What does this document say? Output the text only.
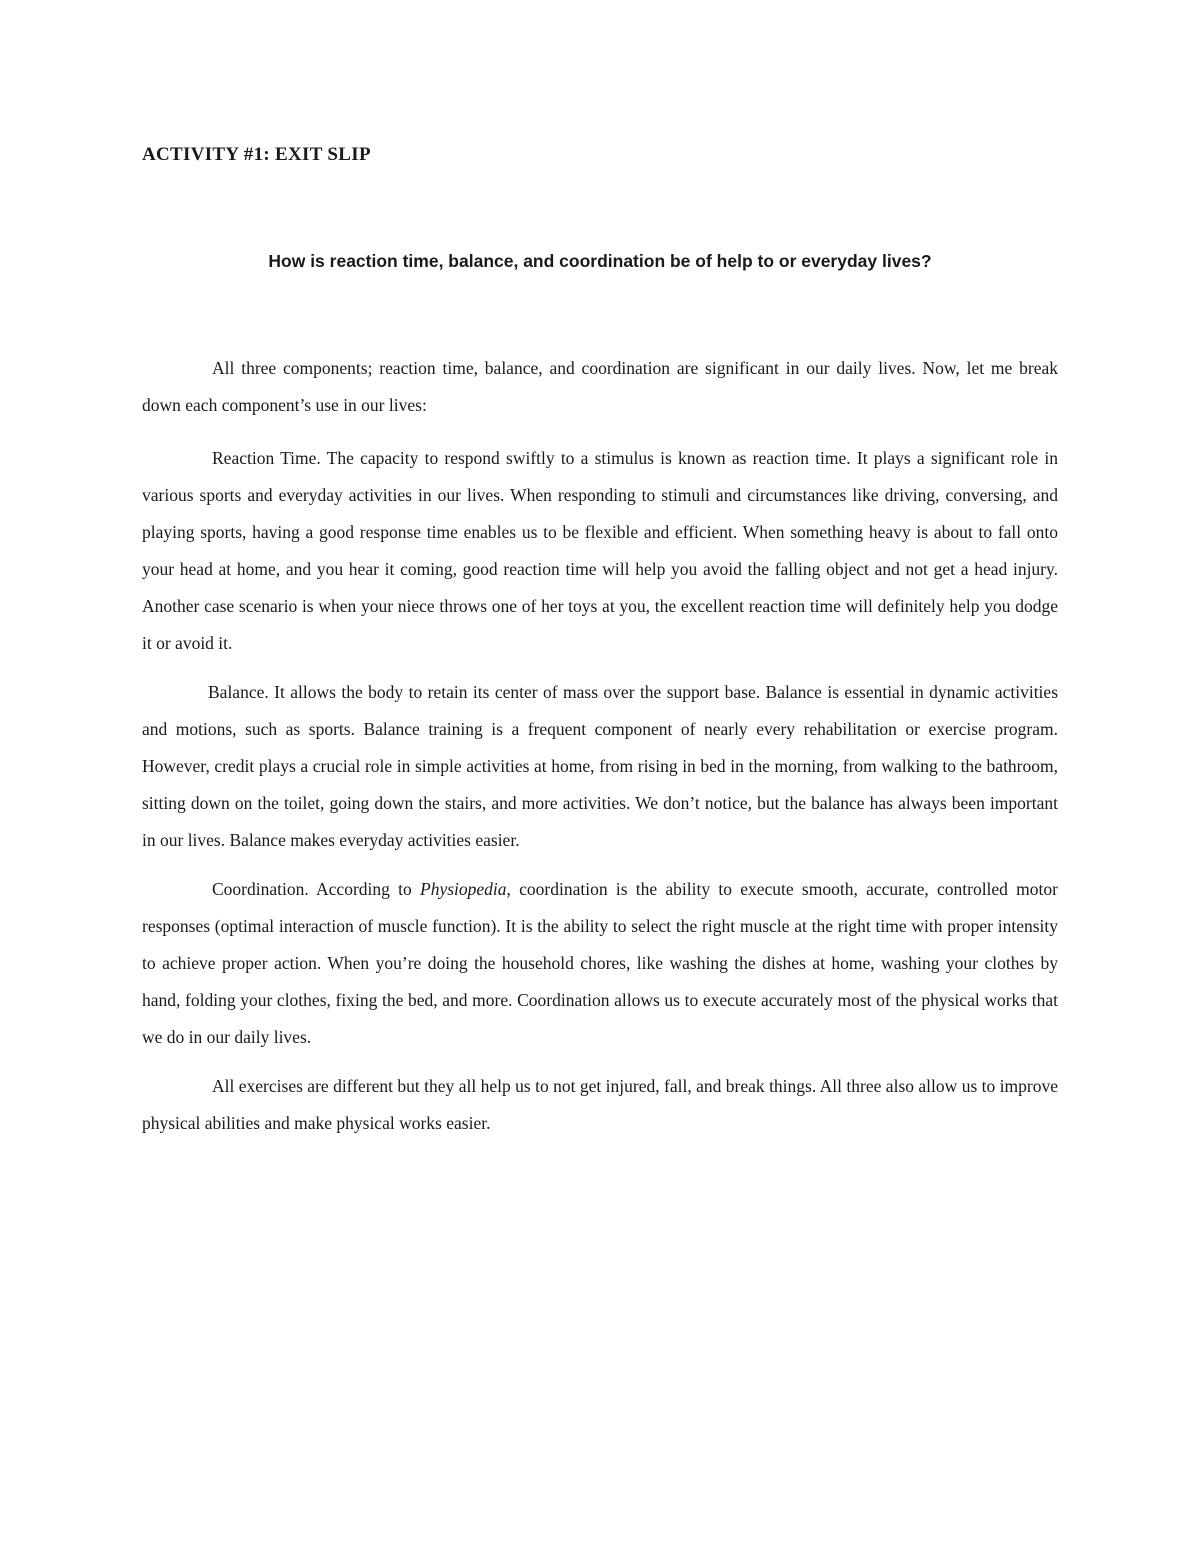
ACTIVITY #1: EXIT SLIP
How is reaction time, balance, and coordination be of help to or everyday lives?

All three components; reaction time, balance, and coordination are significant in our daily lives. Now, let me break down each component’s use in our lives:

Reaction Time. The capacity to respond swiftly to a stimulus is known as reaction time. It plays a significant role in various sports and everyday activities in our lives. When responding to stimuli and circumstances like driving, conversing, and playing sports, having a good response time enables us to be flexible and efficient. When something heavy is about to fall onto your head at home, and you hear it coming, good reaction time will help you avoid the falling object and not get a head injury. Another case scenario is when your niece throws one of her toys at you, the excellent reaction time will definitely help you dodge it or avoid it.

Balance. It allows the body to retain its center of mass over the support base. Balance is essential in dynamic activities and motions, such as sports. Balance training is a frequent component of nearly every rehabilitation or exercise program. However, credit plays a crucial role in simple activities at home, from rising in bed in the morning, from walking to the bathroom, sitting down on the toilet, going down the stairs, and more activities. We don’t notice, but the balance has always been important in our lives. Balance makes everyday activities easier.

Coordination. According to Physiopedia, coordination is the ability to execute smooth, accurate, controlled motor responses (optimal interaction of muscle function). It is the ability to select the right muscle at the right time with proper intensity to achieve proper action. When you’re doing the household chores, like washing the dishes at home, washing your clothes by hand, folding your clothes, fixing the bed, and more. Coordination allows us to execute accurately most of the physical works that we do in our daily lives.

All exercises are different but they all help us to not get injured, fall, and break things. All three also allow us to improve physical abilities and make physical works easier.
